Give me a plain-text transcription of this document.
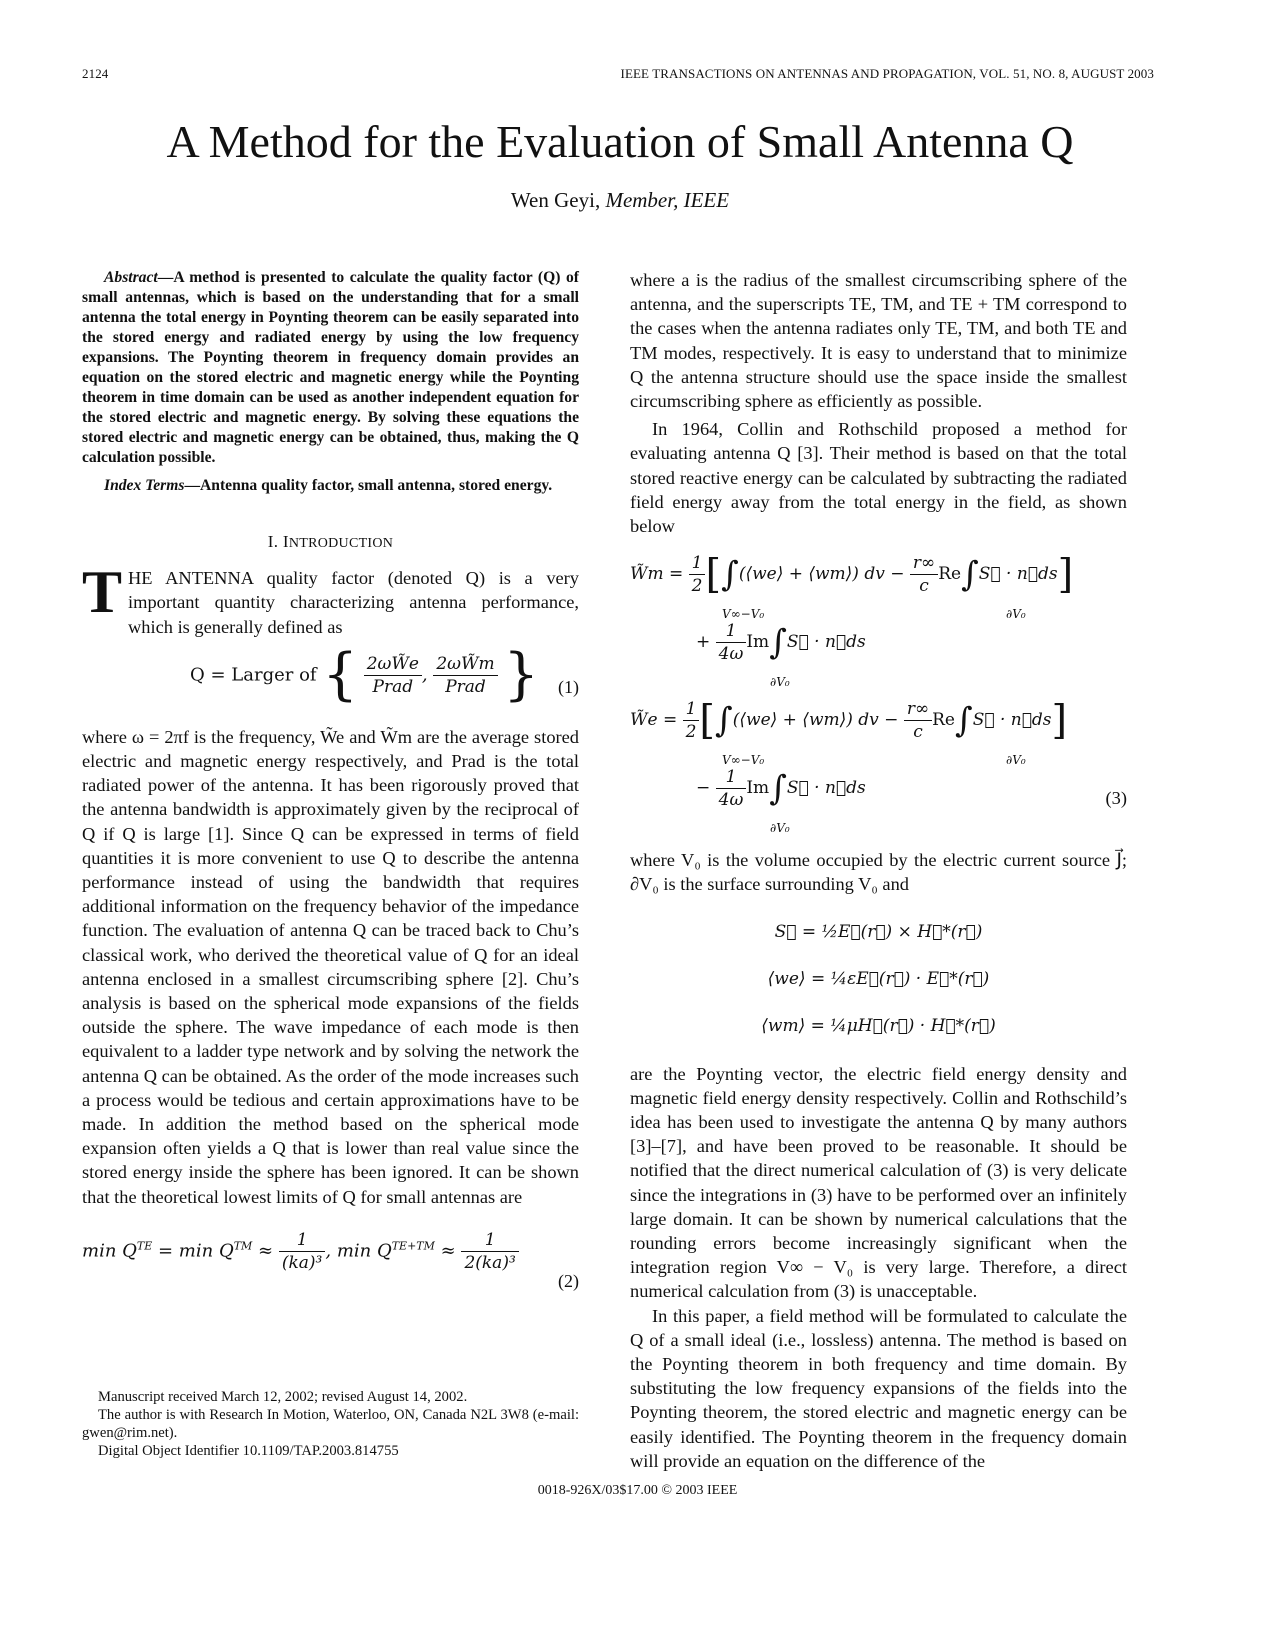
2124	IEEE TRANSACTIONS ON ANTENNAS AND PROPAGATION, VOL. 51, NO. 8, AUGUST 2003
A Method for the Evaluation of Small Antenna Q
Wen Geyi, Member, IEEE

Abstract—A method is presented to calculate the quality factor (Q) of small antennas, which is based on the understanding that for a small antenna the total energy in Poynting theorem can be easily separated into the stored energy and radiated energy by using the low frequency expansions. The Poynting theorem in frequency domain provides an equation on the stored electric and magnetic energy while the Poynting theorem in time domain can be used as another independent equation for the stored electric and magnetic energy. By solving these equations the stored electric and magnetic energy can be obtained, thus, making the Q calculation possible.

Index Terms—Antenna quality factor, small antenna, stored energy.

I. INTRODUCTION

THE ANTENNA quality factor (denoted Q) is a very important quantity characterizing antenna performance, which is generally defined as

Q = Larger of { $\frac{2\omega W̃e}{\text{Prad}}$ , $\frac{2\omega W̃m}{\text{Prad}}$ } (1)

where ω = 2πf is the frequency, W̃e and W̃m are the average stored electric and magnetic energy respectively, and Prad is the total radiated power of the antenna. It has been rigorously proved that the antenna bandwidth is approximately given by the reciprocal of Q if Q is large [1]. Since Q can be expressed in terms of field quantities it is more convenient to use Q to describe the antenna performance instead of using the bandwidth that requires additional information on the frequency behavior of the impedance function. The evaluation of antenna Q can be traced back to Chu’s classical work, who derived the theoretical value of Q for an ideal antenna enclosed in a smallest circumscribing sphere [2]. Chu’s analysis is based on the spherical mode expansions of the fields outside the sphere. The wave impedance of each mode is then equivalent to a ladder type network and by solving the network the antenna Q can be obtained. As the order of the mode increases such a process would be tedious and certain approximations have to be made. In addition the method based on the spherical mode expansion often yields a Q that is lower than real value since the stored energy inside the sphere has been ignored. It can be shown that the theoretical lowest limits of Q for small antennas are

$\min Q^{TE} = \min Q™ \approx \frac{1}{\text{(ka)³}}$ , $\min Q^{TE+TM} \approx \frac{1}{\text{2(ka)³}}$
(2)

Manuscript received March 12, 2002; revised August 14, 2002.

The author is with Research In Motion, Waterloo, ON, Canada N2L 3W8 (e-mail: gwen@rim.net).

Digital Object Identifier 10.1109/TAP.2003.814755

where a is the radius of the smallest circumscribing sphere of the antenna, and the superscripts TE, TM, and TE + TM correspond to the cases when the antenna radiates only TE, TM, and both TE and TM modes, respectively. It is easy to understand that to minimize Q the antenna structure should use the space inside the smallest circumscribing sphere as efficiently as possible.

In 1964, Collin and Rothschild proposed a method for evaluating antenna Q [3]. Their method is based on that the total stored reactive energy can be calculated by subtracting the radiated field energy away from the total energy in the field, as shown below

W̃m = $\frac{1}{2}$ [∫(⟨we⟩ + ⟨wm⟩) dv − $\frac{r\infty}{c}$ Re∫S⃗ · n⃗ds]
V∞−V₀	∂V₀
+ $\frac{1}{4\omega}$ Im∫S⃗ · n⃗ds
∂V₀
W̃e = $\frac{1}{2}$ [∫(⟨we⟩ + ⟨wm⟩) dv − $\frac{r\infty}{c}$ Re∫S⃗ · n⃗ds]
V∞−V₀	∂V₀
− $\frac{1}{4\omega}$ Im∫S⃗ · n⃗ds
∂V₀
(3)

where V₀ is the volume occupied by the electric current source J⃗; ∂V₀ is the surface surrounding V₀ and

S⃗ = ½E⃗(r⃗) × H⃗*(r⃗)
⟨we⟩ = ¼εE⃗(r⃗) · E⃗*(r⃗)
⟨wm⟩ = ¼μH⃗(r⃗) · H⃗*(r⃗)

are the Poynting vector, the electric field energy density and magnetic field energy density respectively. Collin and Rothschild’s idea has been used to investigate the antenna Q by many authors [3]–[7], and have been proved to be reasonable. It should be notified that the direct numerical calculation of (3) is very delicate since the integrations in (3) have to be performed over an infinitely large domain. It can be shown by numerical calculations that the rounding errors become increasingly significant when the integration region V∞ − V₀ is very large. Therefore, a direct numerical calculation from (3) is unacceptable.

In this paper, a field method will be formulated to calculate the Q of a small ideal (i.e., lossless) antenna. The method is based on the Poynting theorem in both frequency and time domain. By substituting the low frequency expansions of the fields into the Poynting theorem, the stored electric and magnetic energy can be easily identified. The Poynting theorem in the frequency domain will provide an equation on the difference of the

0018-926X/03$17.00 © 2003 IEEE
